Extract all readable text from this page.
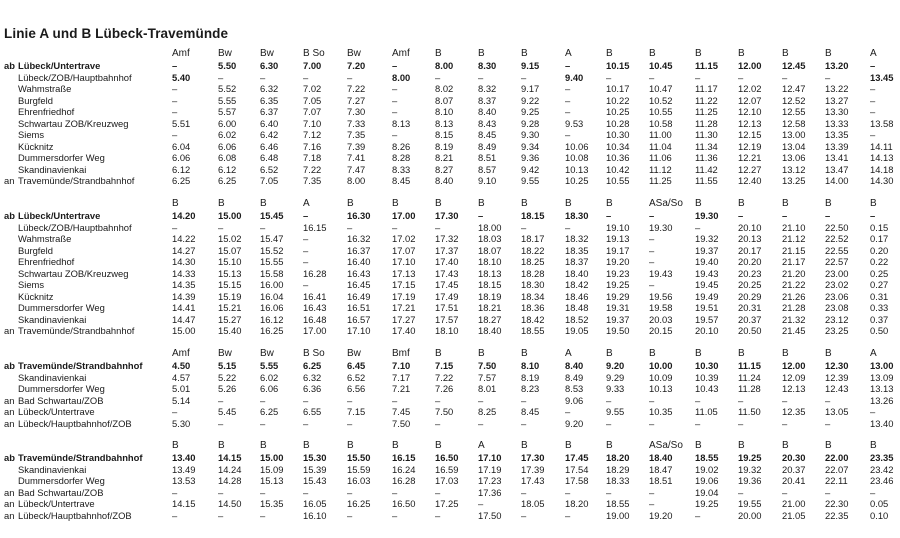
Linie A und B Lübeck-Travemünde
Amf	Bw	Bw	B So Bw	Amf	B	B	B	A	B	B	B	B	B	B	A
ab Lübeck/Untertrave	–	5.50	6.30	7.00	7.20	–	8.00	8.30	9.15	–	10.15 10.45 11.15 12.00 12.45 13.20 –
Lübeck/ZOB/Hauptbahnhof	5.40	–	–	–	–	8.00	–	–	–	9.40 –	–	–	–	–	–	13.45
Wahmstraße	–	5.52	6.32	7.02	7.22	–	8.02	8.32	9.17	–	10.17 10.47 11.17 12.02 12.47 13.22 –
Burgfeld	–	5.55	6.35	7.05	7.27	–	8.07	8.37	9.22	–	10.22 10.52 11.22 12.07 12.52 13.27 –
Ehrenfriedhof	–	5.57	6.37	7.07	7.30	–	8.10	8.40	9.25	–	10.25 10.55 11.25 12.10 12.55 13.30 –
Schwartau ZOB/Kreuzweg	5.51	6.00	6.40	7.10	7.33	8.13	8.13	8.43	9.28	9.53 10.28 10.58 11.28 12.13 12.58 13.33 13.58
Siems	–	6.02	6.42	7.12	7.35	–	8.15	8.45	9.30	–	10.30 11.00 11.30 12.15 13.00 13.35 –
Kücknitz	6.04	6.06	6.46	7.16	7.39	8.26	8.19	8.49	9.34	10.06 10.34 11.04 11.34 12.19 13.04 13.39 14.11
Dummersdorfer Weg	6.06	6.08	6.48	7.18	7.41	8.28	8.21	8.51	9.36	10.08 10.36 11.06 11.36 12.21 13.06 13.41 14.13
Skandinavienkai	6.12	6.12	6.52	7.22	7.47	8.33	8.27	8.57	9.42	10.13 10.42 11.12 11.42 12.27 13.12 13.47 14.18
an Travemünde/Strandbahnhof	6.25	6.25	7.05	7.35	8.00	8.45	8.40	9.10	9.55	10.25 10.55 11.25 11.55 12.40 13.25 14.00 14.30
B	B	B	A	B	B	B	B	B	B	B	ASa/So B	B	B	B	B
ab Lübeck/Untertrave	14.20 15.00 15.45 –	16.30 17.00 17.30 –	18.15 18.30 –	–	19.30 –	–	–	–
Lübeck/ZOB/Hauptbahnhof	–	–	–	16.15 –	–	–	18.00 –	–	19.10 19.30 –	20.10 21.10 22.50 0.15
Wahmstraße	14.22 15.02 15.47 –	16.32 17.02 17.32 18.03 18.17 18.32 19.13 –	19.32 20.13 21.12 22.52 0.17
Burgfeld	14.27 15.07 15.52 –	16.37 17.07 17.37 18.07 18.22 18.35 19.17 –	19.37 20.17 21.15 22.55 0.20
Ehrenfriedhof	14.30 15.10 15.55 –	16.40 17.10 17.40 18.10 18.25 18.37 19.20 –	19.40 20.20 21.17 22.57 0.22
Schwartau ZOB/Kreuzweg	14.33 15.13 15.58 16.28 16.43 17.13 17.43 18.13 18.28 18.40 19.23 19.43 19.43 20.23 21.20 23.00 0.25
Siems	14.35 15.15 16.00 –	16.45 17.15 17.45 18.15 18.30 18.42 19.25 –	19.45 20.25 21.22 23.02 0.27
Kücknitz	14.39 15.19 16.04 16.41 16.49 17.19 17.49 18.19 18.34 18.46 19.29 19.56 19.49 20.29 21.26 23.06 0.31
Dummersdorfer Weg	14.41 15.21 16.06 16.43 16.51 17.21 17.51 18.21 18.36 18.48 19.31 19.58 19.51 20.31 21.28 23.08 0.33
Skandinavienkai	14.47 15.27 16.12 16.48 16.57 17.27 17.57 18.27 18.42 18.52 19.37 20.03 19.57 20.37 21.32 23.12 0.37
an Travemünde/Strandbahnhof	15.00 15.40 16.25 17.00 17.10 17.40 18.10 18.40 18.55 19.05 19.50 20.15 20.10 20.50 21.45 23.25 0.50
Amf	Bw	Bw	B So Bw	Bmf	B	B	B	A	B	B	B	B	B	B	A
ab Travemünde/Strandbahnhof	4.50	5.15	5.55	6.25	6.45	7.10	7.15	7.50	8.10	8.40 9.20	10.00 10.30 11.15 12.00 12.30 13.00
Skandinavienkai	4.57	5.22	6.02	6.32	6.52	7.17	7.22	7.57	8.19	8.49 9.29	10.09 10.39 11.24 12.09 12.39 13.09
Dummersdorfer Weg	5.01	5.26	6.06	6.36	6.56	7.21	7.26	8.01	8.23	8.53 9.33	10.13 10.43 11.28 12.13 12.43 13.13
an Bad Schwartau/ZOB	5.14	–	–	–	–	–	–	–	–	9.06 –	–	–	–	–	–	13.26
an Lübeck/Untertrave	–	5.45	6.25	6.55	7.15	7.45	7.50	8.25	8.45	–	9.55	10.35 11.05 11.50 12.35 13.05 –
an Lübeck/Hauptbahnhof/ZOB	5.30	–	–	–	–	7.50	–	–	–	9.20 –	–	–	–	–	–	13.40
B	B	B	B	B	B	B	A	B	B	B	ASa/So B	B	B	B	B
ab Travemünde/Strandbahnhof	13.40 14.15 15.00 15.30 15.50 16.15 16.50 17.10 17.30 17.45 18.20 18.40 18.55 19.25 20.30 22.00 23.35
Skandinavienkai	13.49 14.24 15.09 15.39 15.59 16.24 16.59 17.19 17.39 17.54 18.29 18.47 19.02 19.32 20.37 22.07 23.42
Dummersdorfer Weg	13.53 14.28 15.13 15.43 16.03 16.28 17.03 17.23 17.43 17.58 18.33 18.51 19.06 19.36 20.41 22.11 23.46
an Bad Schwartau/ZOB	–	–	–	–	–	–	–	17.36 –	–	–	–	19.04 –	–	–	–
an Lübeck/Untertrave	14.15 14.50 15.35 16.05 16.25 16.50 17.25 –	18.05 18.20 18.55 –	19.25 19.55 21.00 22.30 0.05
an Lübeck/Hauptbahnhof/ZOB	–	–	–	16.10 –	–	–	17.50 –	–	19.00 19.20 –	20.00 21.05 22.35 0.10
